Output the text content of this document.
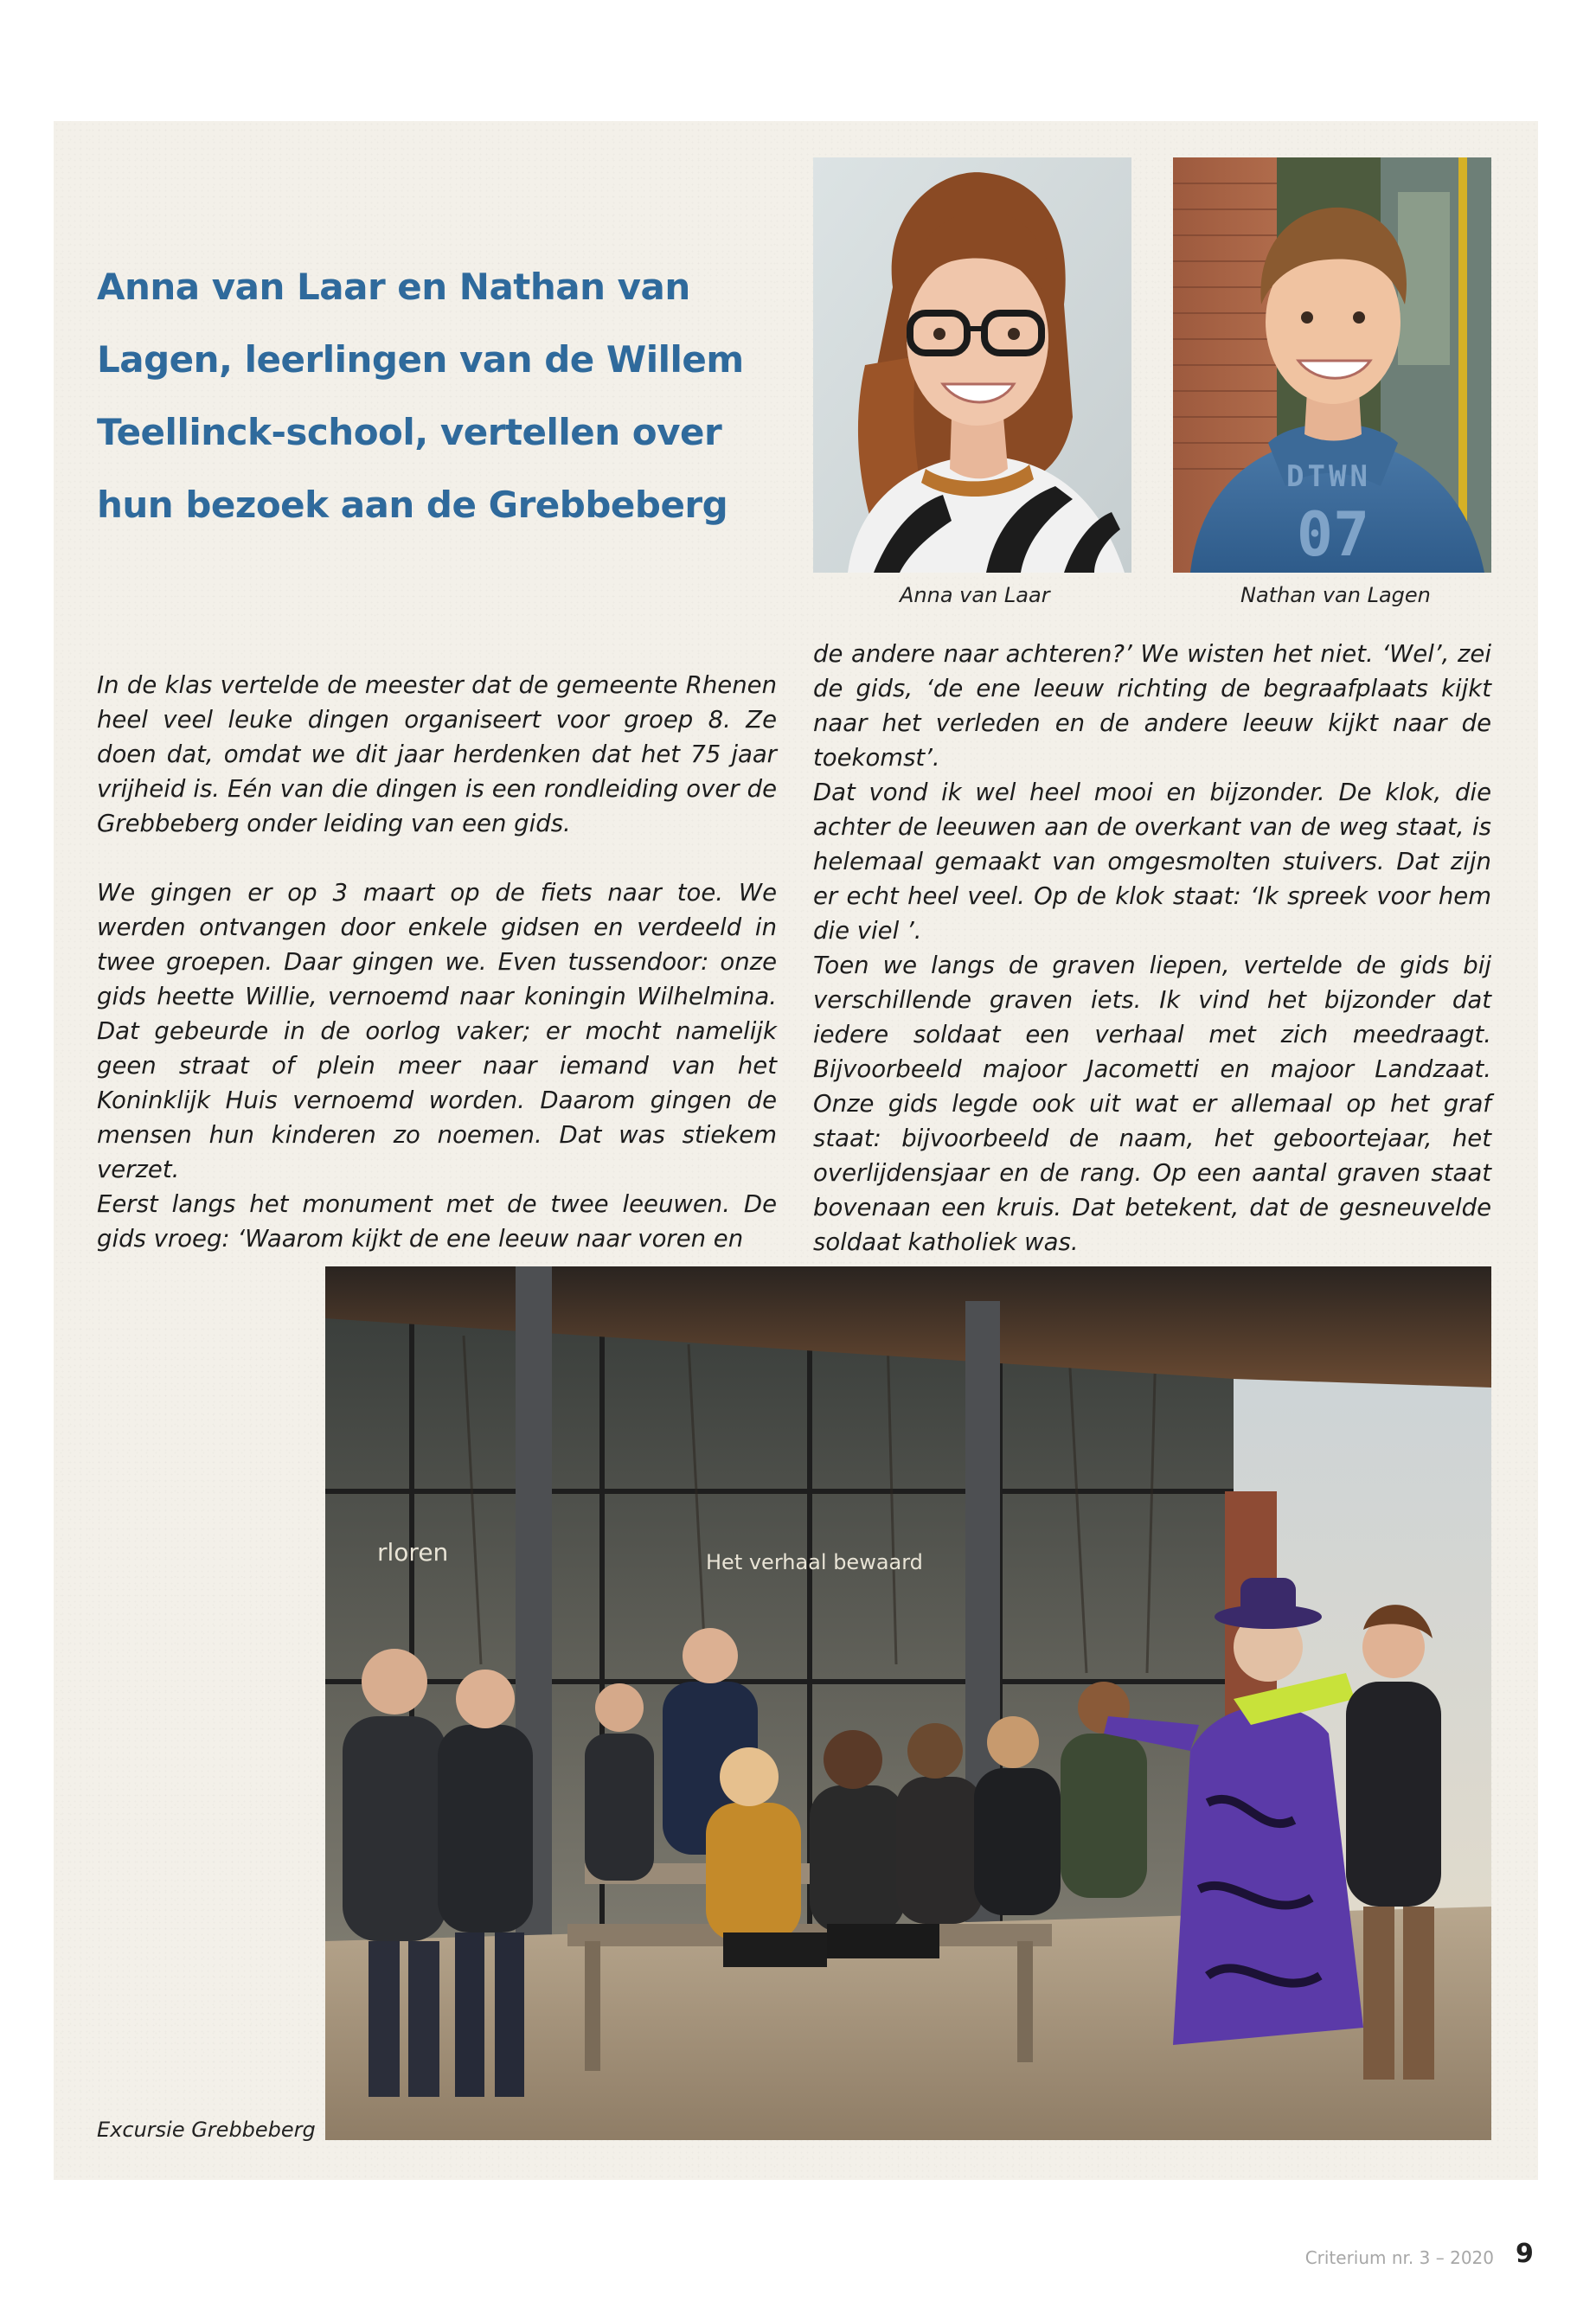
Anna van Laar en Nathan van Lagen, leerlingen van de Willem Teellinck-school, vertellen over hun bezoek aan de Grebbeberg
DTWN
07
Anna van Laar	Nathan van Lagen

In de klas vertelde de meester dat de gemeente Rhenen heel veel leuke dingen organiseert voor groep 8. Ze doen dat, omdat we dit jaar herdenken dat het 75 jaar vrijheid is. Eén van die dingen is een rondleiding over de Grebbeberg onder leiding van een gids.

We gingen er op 3 maart op de fiets naar toe. We werden ontvangen door enkele gidsen en verdeeld in twee groepen. Daar gingen we. Even tussendoor: onze gids heette Willie, vernoemd naar koningin Wilhelmina. Dat gebeurde in de oorlog vaker; er mocht namelijk geen straat of plein meer naar iemand van het Koninklijk Huis vernoemd worden. Daarom gingen de mensen hun kinderen zo noemen. Dat was stiekem verzet.

Eerst langs het monument met de twee leeuwen. De gids vroeg: ‘Waarom kijkt de ene leeuw naar voren en

de andere naar achteren?’ We wisten het niet. ‘Wel’, zei de gids, ‘de ene leeuw richting de begraafplaats kijkt naar het verleden en de andere leeuw kijkt naar de toekomst’.

Dat vond ik wel heel mooi en bijzonder. De klok, die achter de leeuwen aan de overkant van de weg staat, is helemaal gemaakt van omgesmolten stuivers. Dat zijn er echt heel veel. Op de klok staat: ‘Ik spreek voor hem die viel ’.

Toen we langs de graven liepen, vertelde de gids bij verschillende graven iets. Ik vind het bijzonder dat iedere soldaat een verhaal met zich meedraagt. Bijvoorbeeld majoor Jacometti en majoor Landzaat. Onze gids legde ook uit wat er allemaal op het graf staat: bijvoorbeeld de naam, het geboortejaar, het overlijdensjaar en de rang. Op een aantal graven staat bovenaan een kruis. Dat betekent, dat de gesneuvelde soldaat katholiek was.

rloren	Het verhaal bewaard
Excursie Grebbeberg
Criterium nr. 3 – 2020 9
